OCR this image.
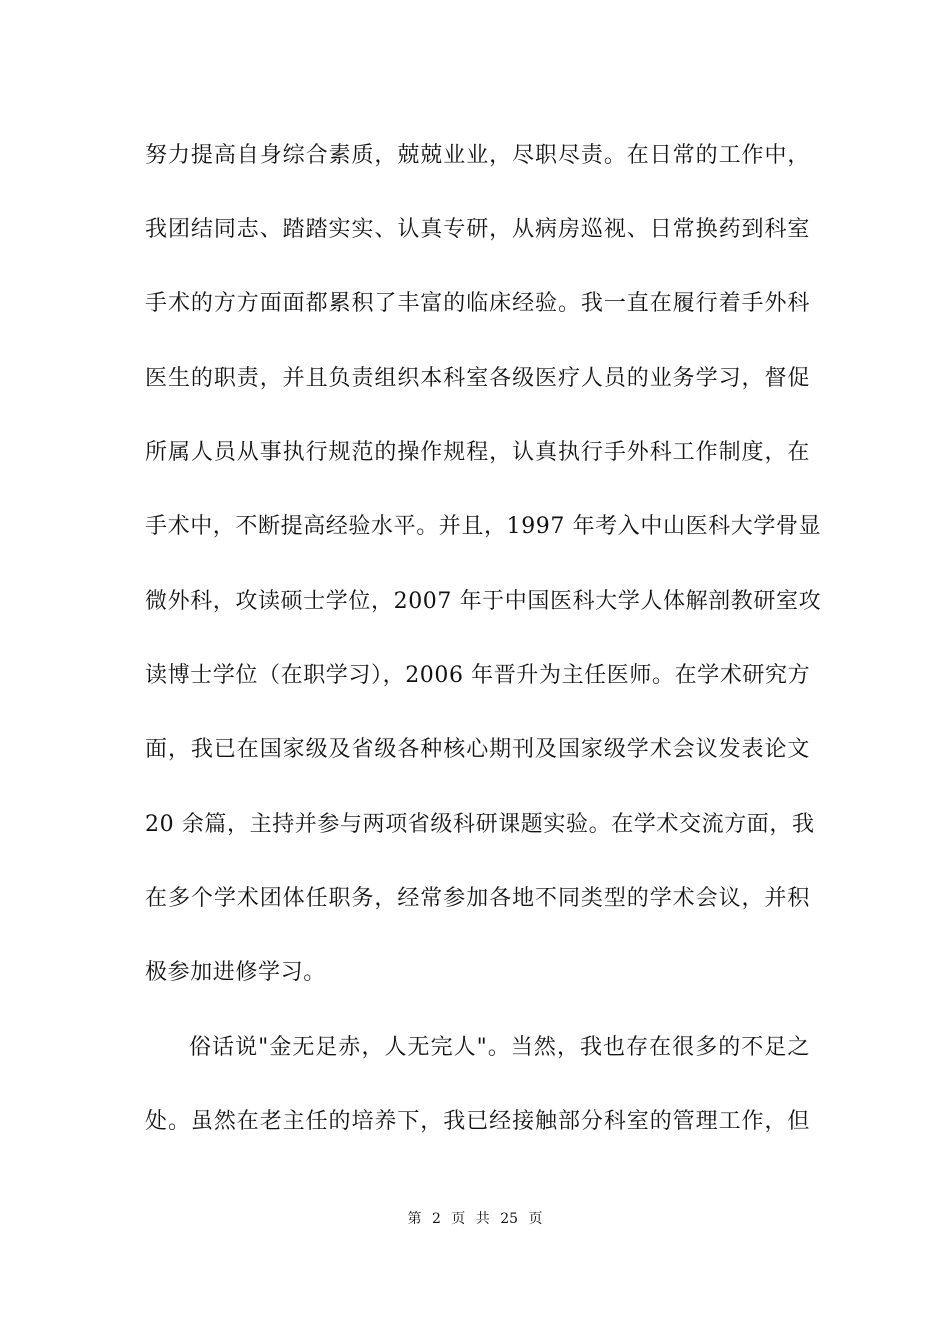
努力提高自身综合素质，兢兢业业，尽职尽责。在日常的工作中，
我团结同志、踏踏实实、认真专研，从病房巡视、日常换药到科室
手术的方方面面都累积了丰富的临床经验。我一直在履行着手外科
医生的职责，并且负责组织本科室各级医疗人员的业务学习，督促
所属人员从事执行规范的操作规程，认真执行手外科工作制度，在
手术中，不断提高经验水平。并且，1997 年考入中山医科大学骨显
微外科，攻读硕士学位，2007 年于中国医科大学人体解剖教研室攻
读博士学位（在职学习），2006 年晋升为主任医师。在学术研究方
面，我已在国家级及省级各种核心期刊及国家级学术会议发表论文
20 余篇，主持并参与两项省级科研课题实验。在学术交流方面，我
在多个学术团体任职务，经常参加各地不同类型的学术会议，并积
极参加进修学习。
俗话说"金无足赤，人无完人"。当然，我也存在很多的不足之
处。虽然在老主任的培养下，我已经接触部分科室的管理工作，但
第 2 页 共 25 页
